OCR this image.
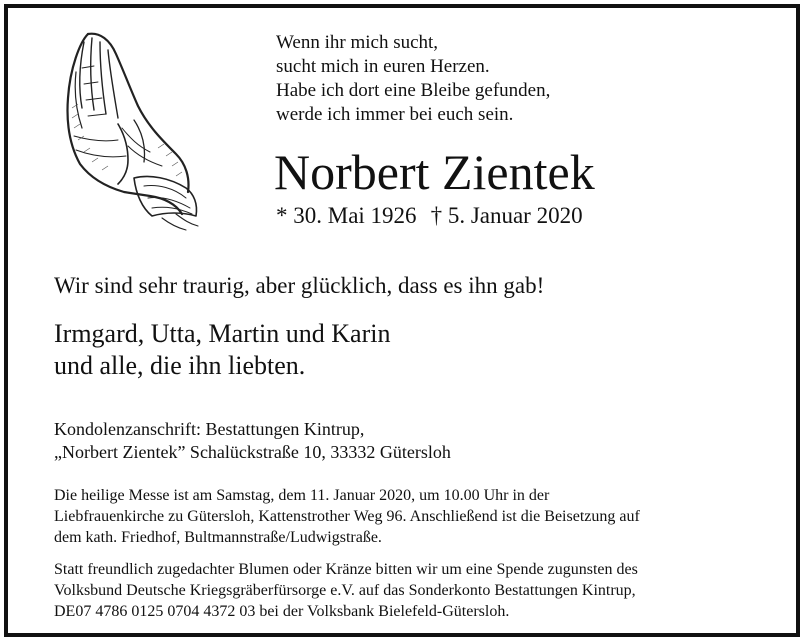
Wenn ihr mich sucht,
sucht mich in euren Herzen.
Habe ich dort eine Bleibe gefunden,
werde ich immer bei euch sein.
Norbert Zientek
* 30. Mai 1926 † 5. Januar 2020
Wir sind sehr traurig, aber glücklich, dass es ihn gab!
Irmgard, Utta, Martin und Karin
und alle, die ihn liebten.
Kondolenzanschrift: Bestattungen Kintrup,
„Norbert Zientek” Schalückstraße 10, 33332 Gütersloh
Die heilige Messe ist am Samstag, dem 11. Januar 2020, um 10.00 Uhr in der
Liebfrauenkirche zu Gütersloh, Kattenstrother Weg 96. Anschließend ist die Beisetzung auf
dem kath. Friedhof, Bultmannstraße/Ludwigstraße.
Statt freundlich zugedachter Blumen oder Kränze bitten wir um eine Spende zugunsten des
Volksbund Deutsche Kriegsgräberfürsorge e.V. auf das Sonderkonto Bestattungen Kintrup,
DE07 4786 0125 0704 4372 03 bei der Volksbank Bielefeld-Gütersloh.
